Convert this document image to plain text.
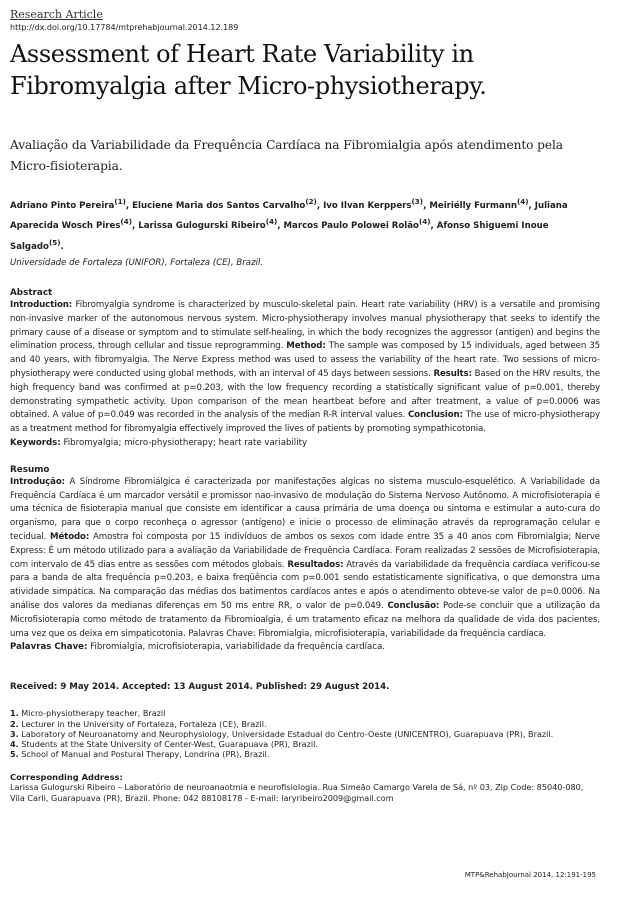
Research Article

http://dx.doi.org/10.17784/mtprehabjournal.2014.12.189

Assessment of Heart Rate Variability in Fibromyalgia after Micro-physiotherapy.

Avaliação da Variabilidade da Frequência Cardíaca na Fibromialgia após atendimento pela Micro-fisioterapia.

Adriano Pinto Pereira$^{(1)}$, Eluciene Maria dos Santos Carvalho$^{(2)}$, Ivo Ilvan Kerppers$^{(3)}$, Meiriélly Furmann$^{(4)}$, Juliana Aparecida Wosch Pires$^{(4)}$, Larissa Gulogurski Ribeiro$^{(4)}$, Marcos Paulo Polowei Rolão$^{(4)}$, Afonso Shiguemi Inoue Salgado$^{(5)}$.

Universidade de Fortaleza (UNIFOR), Fortaleza (CE), Brazil.

Abstract

Introduction: Fibromyalgia syndrome is characterized by musculo-skeletal pain. Heart rate variability (HRV) is a versatile and promising non-invasive marker of the autonomous nervous system. Micro-physiotherapy involves manual physiotherapy that seeks to identify the primary cause of a disease or symptom and to stimulate self-healing, in which the body recognizes the aggressor (antigen) and begins the elimination process, through cellular and tissue reprogramming. Method: The sample was composed by 15 individuals, aged between 35 and 40 years, with fibromyalgia. The Nerve Express method was used to assess the variability of the heart rate. Two sessions of micro-physiotherapy were conducted using global methods, with an interval of 45 days between sessions. Results: Based on the HRV results, the high frequency band was confirmed at p=0.203, with the low frequency recording a statistically significant value of p=0.001, thereby demonstrating sympathetic activity. Upon comparison of the mean heartbeat before and after treatment, a value of p=0.0006 was obtained. A value of p=0.049 was recorded in the analysis of the median R-R interval values. Conclusion: The use of micro-physiotherapy as a treatment method for fibromyalgia effectively improved the lives of patients by promoting sympathicotonia.

Keywords: Fibromyalgia; micro-physiotherapy; heart rate variability

Resumo

Introdução: A Síndrome Fibromiálgica é caracterizada por manifestações algicas no sistema musculo-esquelético. A Variabilidade da Frequência Cardíaca é um marcador versátil e promissor nao-invasivo de modulação do Sistema Nervoso Autônomo. A microfisioterapia é uma técnica de fisioterapia manual que consiste em identificar a causa primária de uma doença ou sintoma e estimular a auto-cura do organismo, para que o corpo reconheça o agressor (antígeno) e inicie o processo de eliminação através da reprogramação celular e tecidual. Método: Amostra foi composta por 15 indivíduos de ambos os sexos com idade entre 35 a 40 anos com Fibromialgia; Nerve Express: É um método utilizado para a avaliação da Variabilidade de Frequência Cardíaca. Foram realizadas 2 sessões de Microfisioterapia, com intervalo de 45 dias entre as sessões com métodos globais. Resultados: Através da variabilidade da frequência cardíaca verificou-se para a banda de alta frequência p=0.203, e baixa freqüência com p=0.001 sendo estatisticamente significativa, o que demonstra uma atividade simpática. Na comparação das médias dos batimentos cardíacos antes e após o atendimento obteve-se valor de p=0.0006. Na análise dos valores da medianas diferenças em 50 ms entre RR, o valor de p=0.049. Conclusão: Pode-se concluir que a utilização da Microfisioterapia como método de tratamento da Fibromioalgia, é um tratamento eficaz na melhora da qualidade de vida dos pacientes, uma vez que os deixa em simpaticotonia. Palavras Chave: Fibromialgia, microfisioterapia, variabilidade da frequência cardíaca.

Palavras Chave: Fibromialgia, microfisioterapia, variabilidade da frequência cardíaca.

Received: 9 May 2014. Accepted: 13 August 2014. Published: 29 August 2014.

1. Micro-physiotherapy teacher, Brazil
2. Lecturer in the University of Fortaleza, Fortaleza (CE), Brazil.
3. Laboratory of Neuroanatomy and Neurophysiology, Universidade Estadual do Centro-Oeste (UNICENTRO), Guarapuava (PR), Brazil.
4. Students at the State University of Center-West, Guarapuava (PR), Brazil.
5. School of Manual and Postural Therapy, Londrina (PR), Brazil.

Corresponding Address:

Larissa Gulogurski Ribeiro – Laboratório de neuroanaotmia e neurofisiologia. Rua Simeão Camargo Varela de Sá, nº 03, Zip Code: 85040-080, Vila Carli, Guarapuava (PR), Brazil. Phone: 042 88108178 - E-mail: laryribeiro2009@gmail.com

MTP&RehabJournal 2014, 12:191-195
